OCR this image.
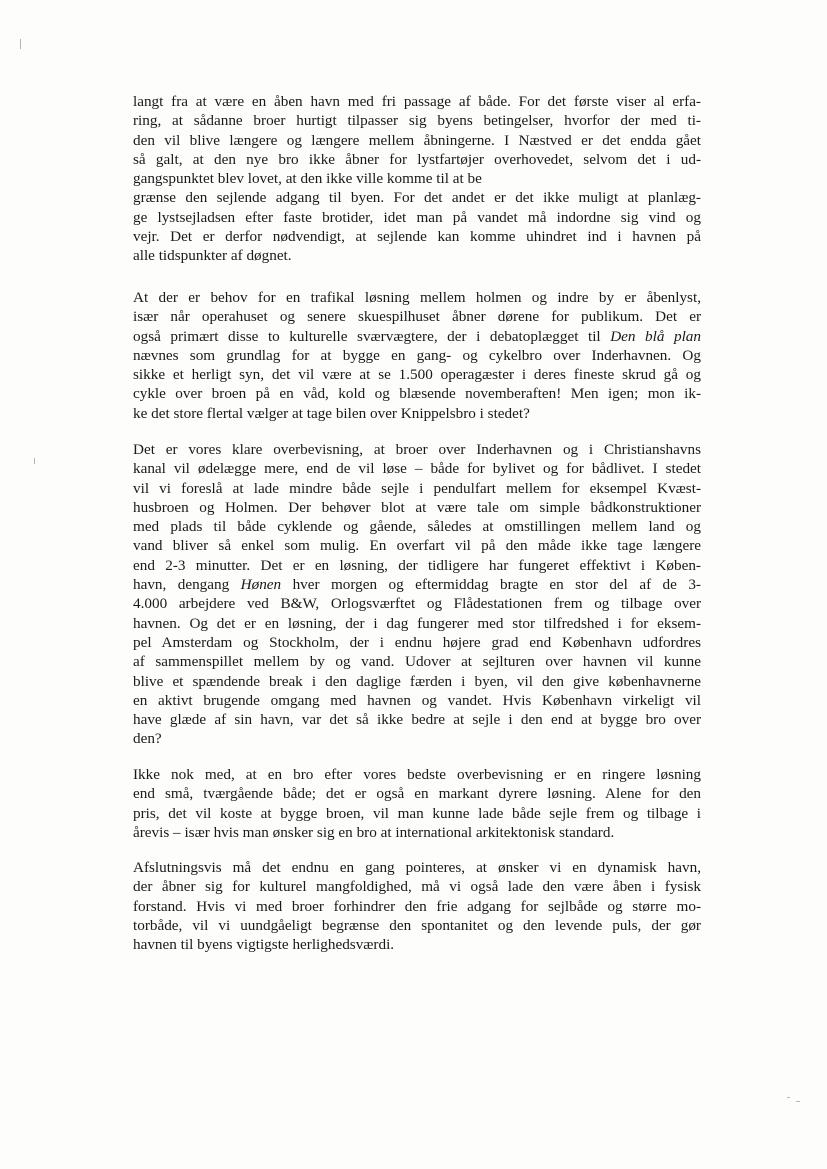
langt fra at være en åben havn med fri passage af både. For det første viser al erfa-
ring, at sådanne broer hurtigt tilpasser sig byens betingelser, hvorfor der med ti-
den vil blive længere og længere mellem åbningerne. I Næstved er det endda gået
så galt, at den nye bro ikke åbner for lystfartøjer overhovedet, selvom det i ud-
gangspunktet blev lovet, at den ikke ville komme til at be
grænse den sejlende adgang til byen. For det andet er det ikke muligt at planlæg-
ge lystsejladsen efter faste brotider, idet man på vandet må indordne sig vind og
vejr. Det er derfor nødvendigt, at sejlende kan komme uhindret ind i havnen på
alle tidspunkter af døgnet.
At der er behov for en trafikal løsning mellem holmen og indre by er åbenlyst,
især når operahuset og senere skuespilhuset åbner dørene for publikum. Det er
også primært disse to kulturelle sværvægtere, der i debatoplægget til Den blå plan
nævnes som grundlag for at bygge en gang- og cykelbro over Inderhavnen. Og
sikke et herligt syn, det vil være at se 1.500 operagæster i deres fineste skrud gå og
cykle over broen på en våd, kold og blæsende novemberaften! Men igen; mon ik-
ke det store flertal vælger at tage bilen over Knippelsbro i stedet?
Det er vores klare overbevisning, at broer over Inderhavnen og i Christianshavns
kanal vil ødelægge mere, end de vil løse – både for bylivet og for bådlivet. I stedet
vil vi foreslå at lade mindre både sejle i pendulfart mellem for eksempel Kvæst-
husbroen og Holmen. Der behøver blot at være tale om simple bådkonstruktioner
med plads til både cyklende og gående, således at omstillingen mellem land og
vand bliver så enkel som mulig. En overfart vil på den måde ikke tage længere
end 2-3 minutter. Det er en løsning, der tidligere har fungeret effektivt i Køben-
havn, dengang Hønen hver morgen og eftermiddag bragte en stor del af de 3-
4.000 arbejdere ved B&W, Orlogsværftet og Flådestationen frem og tilbage over
havnen. Og det er en løsning, der i dag fungerer med stor tilfredshed i for eksem-
pel Amsterdam og Stockholm, der i endnu højere grad end København udfordres
af sammenspillet mellem by og vand. Udover at sejlturen over havnen vil kunne
blive et spændende break i den daglige færden i byen, vil den give københavnerne
en aktivt brugende omgang med havnen og vandet. Hvis København virkeligt vil
have glæde af sin havn, var det så ikke bedre at sejle i den end at bygge bro over
den?
Ikke nok med, at en bro efter vores bedste overbevisning er en ringere løsning
end små, tværgående både; det er også en markant dyrere løsning. Alene for den
pris, det vil koste at bygge broen, vil man kunne lade både sejle frem og tilbage i
årevis – især hvis man ønsker sig en bro at international arkitektonisk standard.
Afslutningsvis må det endnu en gang pointeres, at ønsker vi en dynamisk havn,
der åbner sig for kulturel mangfoldighed, må vi også lade den være åben i fysisk
forstand. Hvis vi med broer forhindrer den frie adgang for sejlbåde og større mo-
torbåde, vil vi uundgåeligt begrænse den spontanitet og den levende puls, der gør
havnen til byens vigtigste herlighedsværdi.
